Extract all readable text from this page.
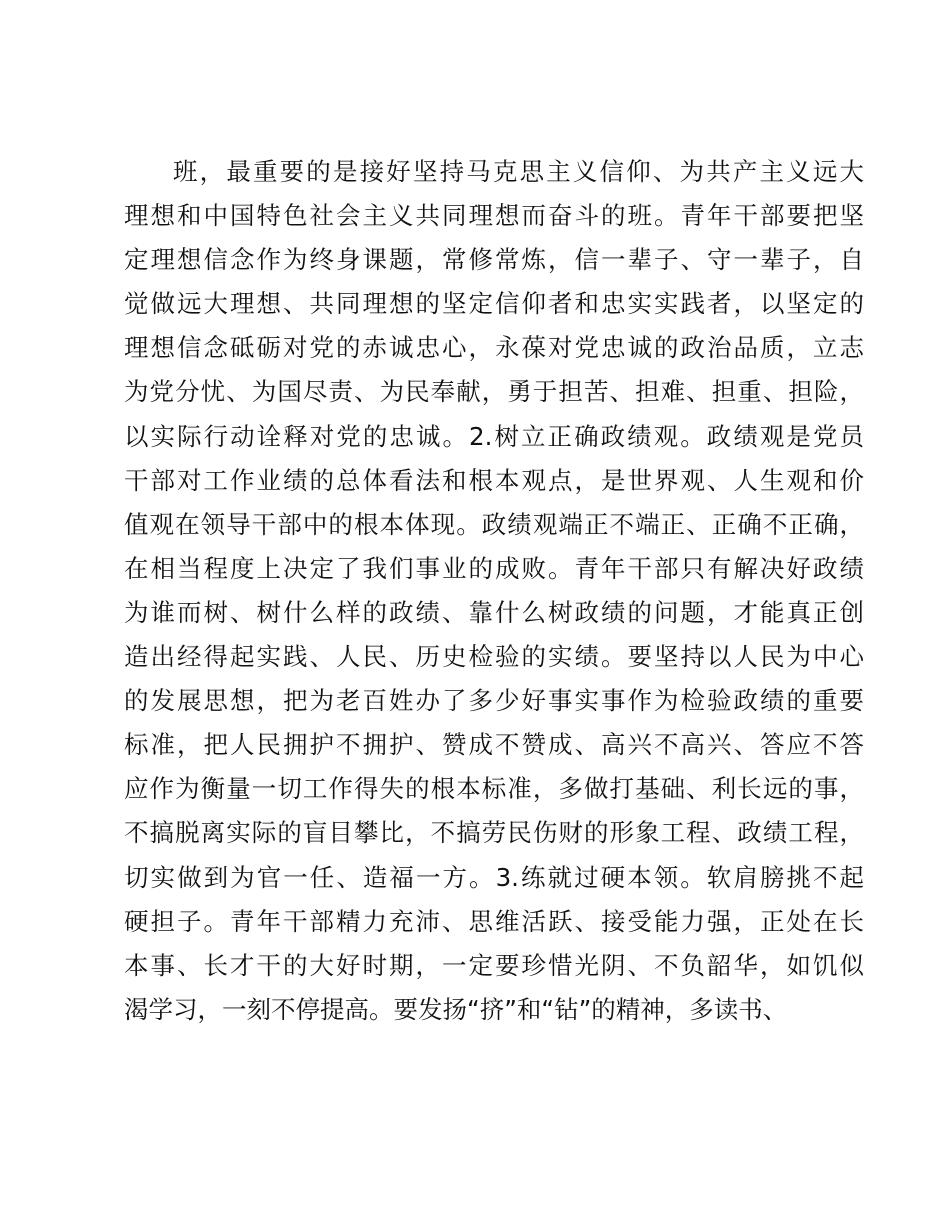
班，最重要的是接好坚持马克思主义信仰、为共产主义远大
理想和中国特色社会主义共同理想而奋斗的班。青年干部要把坚
定理想信念作为终身课题，常修常炼，信一辈子、守一辈子，自
觉做远大理想、共同理想的坚定信仰者和忠实实践者，以坚定的
理想信念砥砺对党的赤诚忠心，永葆对党忠诚的政治品质，立志
为党分忧、为国尽责、为民奉献，勇于担苦、担难、担重、担险，
以实际行动诠释对党的忠诚。2.树立正确政绩观。政绩观是党员
干部对工作业绩的总体看法和根本观点，是世界观、人生观和价
值观在领导干部中的根本体现。政绩观端正不端正、正确不正确，
在相当程度上决定了我们事业的成败。青年干部只有解决好政绩
为谁而树、树什么样的政绩、靠什么树政绩的问题，才能真正创
造出经得起实践、人民、历史检验的实绩。要坚持以人民为中心
的发展思想，把为老百姓办了多少好事实事作为检验政绩的重要
标准，把人民拥护不拥护、赞成不赞成、高兴不高兴、答应不答
应作为衡量一切工作得失的根本标准，多做打基础、利长远的事，
不搞脱离实际的盲目攀比，不搞劳民伤财的形象工程、政绩工程，
切实做到为官一任、造福一方。3.练就过硬本领。软肩膀挑不起
硬担子。青年干部精力充沛、思维活跃、接受能力强，正处在长
本事、长才干的大好时期，一定要珍惜光阴、不负韶华，如饥似
渴学习，一刻不停提高。要发扬“挤”和“钻”的精神，多读书、
